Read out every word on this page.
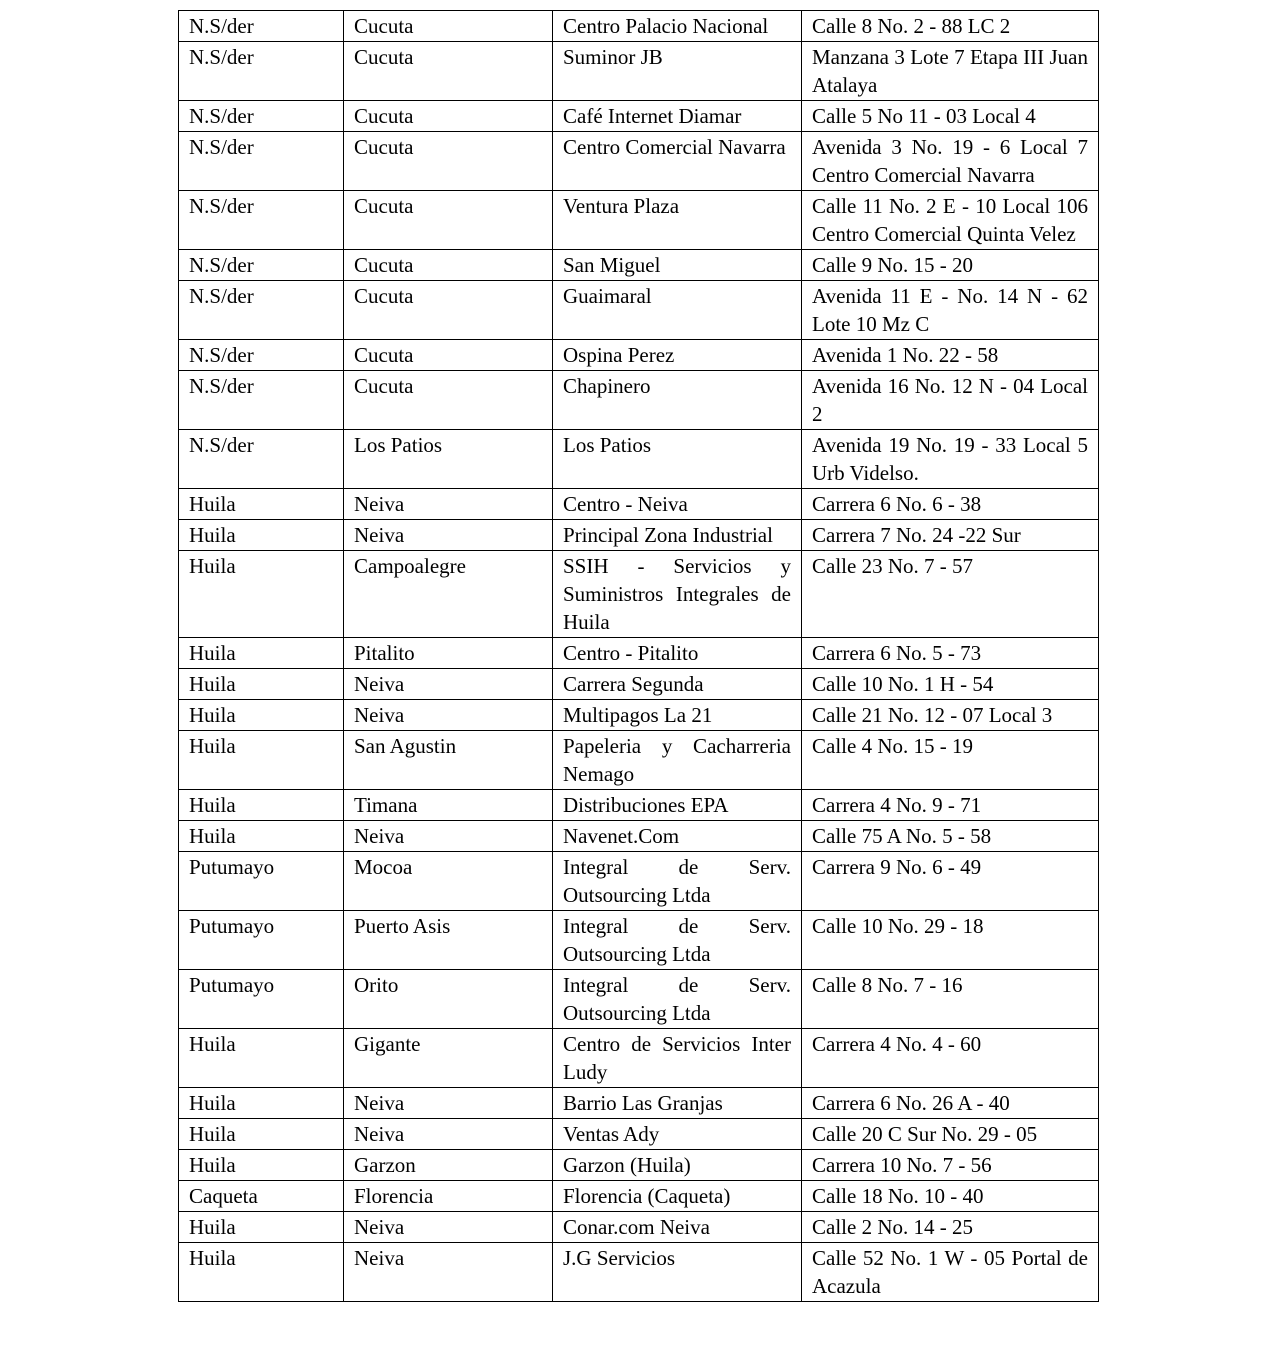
N.S/der	Cucuta	Centro Palacio Nacional	Calle 8 No. 2 - 88 LC 2
N.S/der	Cucuta	Suminor JB	Manzana 3 Lote 7 Etapa III Juan Atalaya
N.S/der	Cucuta	Café Internet Diamar	Calle 5 No 11 - 03 Local 4
N.S/der	Cucuta	Centro Comercial Navarra	Avenida 3 No. 19 - 6 Local 7 Centro Comercial Navarra
N.S/der	Cucuta	Ventura Plaza	Calle 11 No. 2 E - 10 Local 106 Centro Comercial Quinta Velez
N.S/der	Cucuta	San Miguel	Calle 9 No. 15 - 20
N.S/der	Cucuta	Guaimaral	Avenida 11 E - No. 14 N - 62 Lote 10 Mz C
N.S/der	Cucuta	Ospina Perez	Avenida 1 No. 22 - 58
N.S/der	Cucuta	Chapinero	Avenida 16 No. 12 N - 04 Local 2
N.S/der	Los Patios	Los Patios	Avenida 19 No. 19 - 33 Local 5 Urb Videlso.
Huila	Neiva	Centro - Neiva	Carrera 6 No. 6 - 38
Huila	Neiva	Principal Zona Industrial	Carrera 7 No. 24 -22 Sur
Huila	Campoalegre	SSIH - Servicios y Suministros Integrales de Huila	Calle 23 No. 7 - 57
Huila	Pitalito	Centro - Pitalito	Carrera 6 No. 5 - 73
Huila	Neiva	Carrera Segunda	Calle 10 No. 1 H - 54
Huila	Neiva	Multipagos La 21	Calle 21 No. 12 - 07 Local 3
Huila	San Agustin	Papeleria y Cacharreria Nemago	Calle 4 No. 15 - 19
Huila	Timana	Distribuciones EPA	Carrera 4 No. 9 - 71
Huila	Neiva	Navenet.Com	Calle 75 A No. 5 - 58
Putumayo	Mocoa	Integral de Serv. Outsourcing Ltda	Carrera 9 No. 6 - 49
Putumayo	Puerto Asis	Integral de Serv. Outsourcing Ltda	Calle 10 No. 29 - 18
Putumayo	Orito	Integral de Serv. Outsourcing Ltda	Calle 8 No. 7 - 16
Huila	Gigante	Centro de Servicios Inter Ludy	Carrera 4 No. 4 - 60
Huila	Neiva	Barrio Las Granjas	Carrera 6 No. 26 A - 40
Huila	Neiva	Ventas Ady	Calle 20 C Sur No. 29 - 05
Huila	Garzon	Garzon (Huila)	Carrera 10 No. 7 - 56
Caqueta	Florencia	Florencia (Caqueta)	Calle 18 No. 10 - 40
Huila	Neiva	Conar.com Neiva	Calle 2 No. 14 - 25
Huila	Neiva	J.G Servicios	Calle 52 No. 1 W - 05 Portal de Acazula
